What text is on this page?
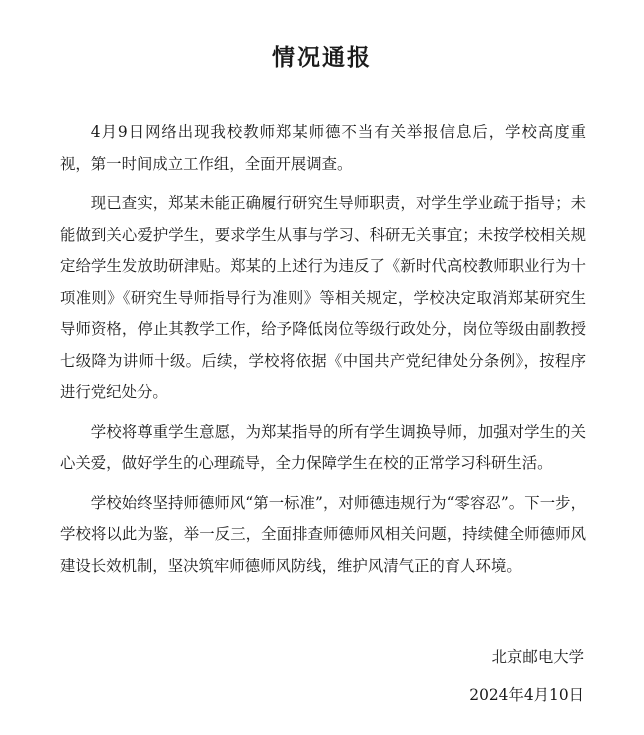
情况通报

4月9日网络出现我校教师郑某师德不当有关举报信息后，学校高度重视，第一时间成立工作组，全面开展调查。

现已查实，郑某未能正确履行研究生导师职责，对学生学业疏于指导；未能做到关心爱护学生，要求学生从事与学习、科研无关事宜；未按学校相关规定给学生发放助研津贴。郑某的上述行为违反了《新时代高校教师职业行为十项准则》《研究生导师指导行为准则》等相关规定，学校决定取消郑某研究生导师资格，停止其教学工作，给予降低岗位等级行政处分，岗位等级由副教授七级降为讲师十级。后续，学校将依据《中国共产党纪律处分条例》，按程序进行党纪处分。

学校将尊重学生意愿，为郑某指导的所有学生调换导师，加强对学生的关心关爱，做好学生的心理疏导，全力保障学生在校的正常学习科研生活。

学校始终坚持师德师风“第一标准”，对师德违规行为“零容忍”。下一步，学校将以此为鉴，举一反三，全面排查师德师风相关问题，持续健全师德师风建设长效机制，坚决筑牢师德师风防线，维护风清气正的育人环境。

北京邮电大学
2024年4月10日
